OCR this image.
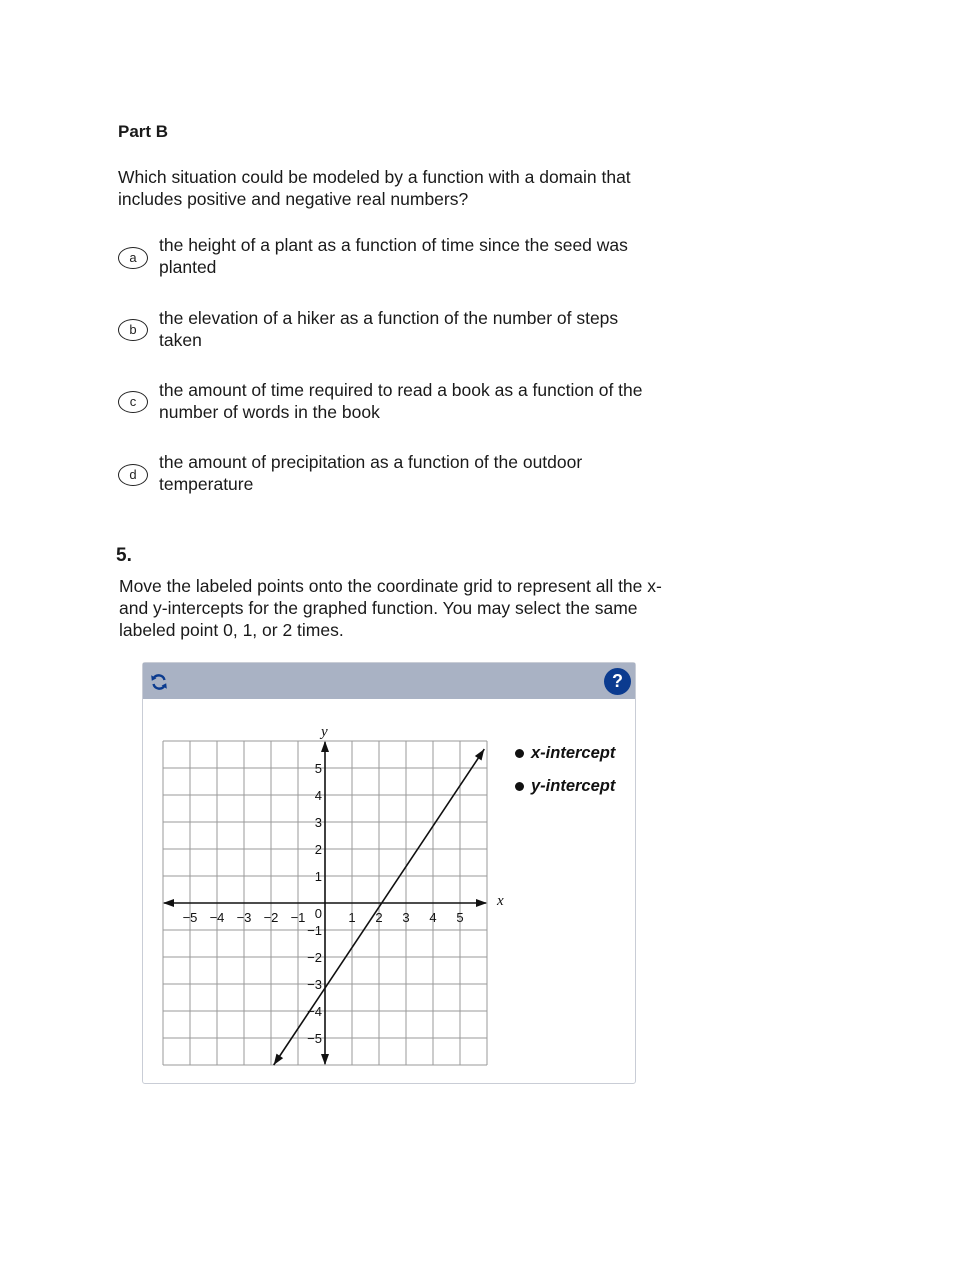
Part B
Which situation could be modeled by a function with a domain that includes positive and negative real numbers?
a
the height of a plant as a function of time since the seed was planted
b
the elevation of a hiker as a function of the number of steps taken
c
the amount of time required to read a book as a function of the number of words in the book
d
the amount of precipitation as a function of the outdoor temperature
5.
Move the labeled points onto the coordinate grid to represent all the x- and y-intercepts for the graphed function. You may select the same labeled point 0, 1, or 2 times.
?
x-intercept
y-intercept
x
y
−5 −4 −3 −2 −1	1 2 3 4 5
−5
−4
−3
−2
−1
1
2
3
4
5
0
